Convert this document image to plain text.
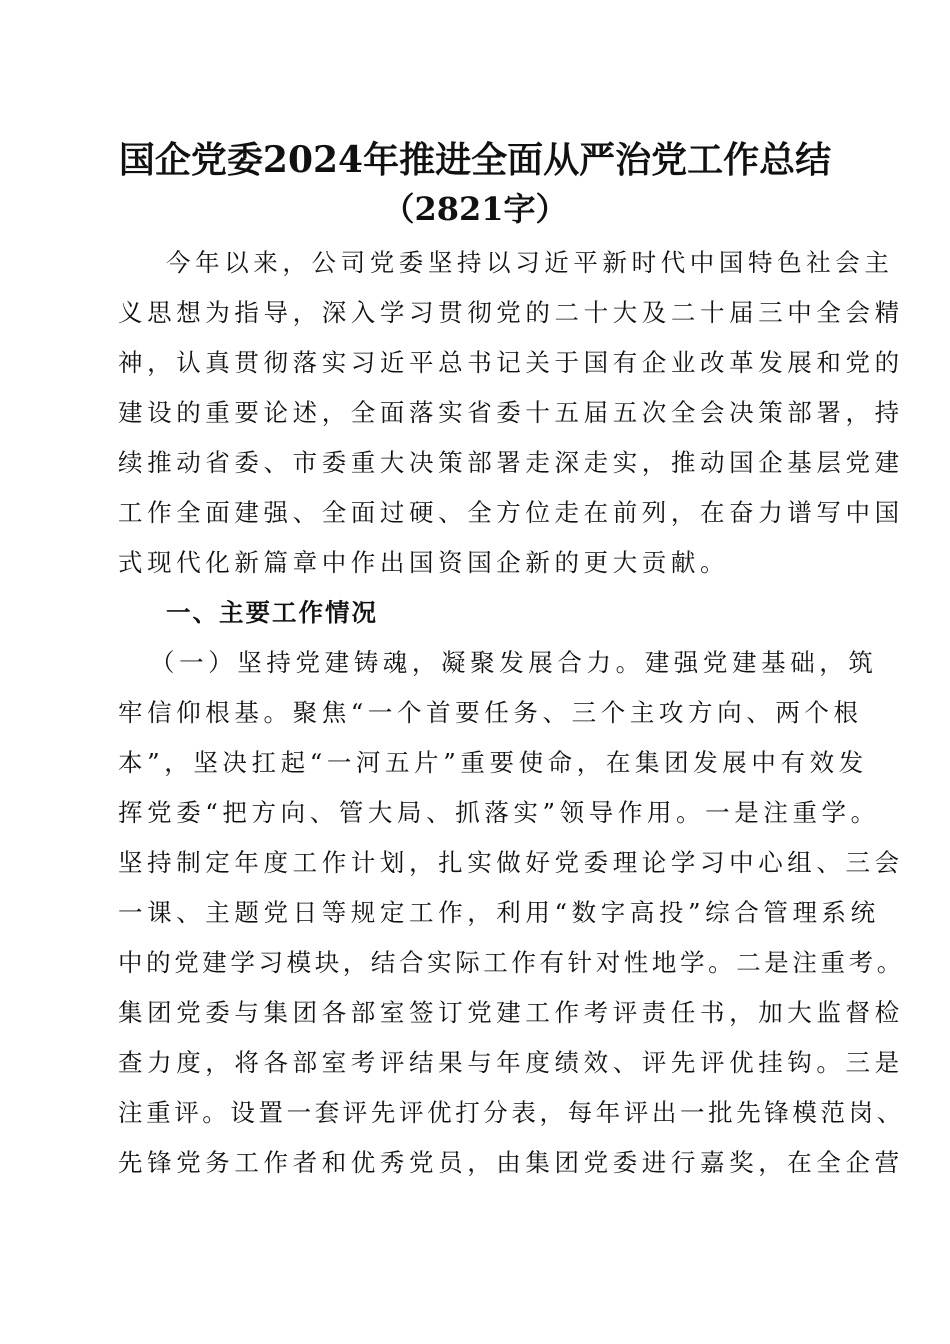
国企党委2024年推进全面从严治党工作总结
（2821字）
今年以来，公司党委坚持以习近平新时代中国特色社会主
义思想为指导，深入学习贯彻党的二十大及二十届三中全会精
神，认真贯彻落实习近平总书记关于国有企业改革发展和党的
建设的重要论述，全面落实省委十五届五次全会决策部署，持
续推动省委、市委重大决策部署走深走实，推动国企基层党建
工作全面建强、全面过硬、全方位走在前列，在奋力谱写中国
式现代化新篇章中作出国资国企新的更大贡献。
一、主要工作情况
（一）坚持党建铸魂，凝聚发展合力。建强党建基础，筑
牢信仰根基。聚焦“一个首要任务、三个主攻方向、两个根
本”，坚决扛起“一河五片”重要使命，在集团发展中有效发
挥党委“把方向、管大局、抓落实”领导作用。一是注重学。
坚持制定年度工作计划，扎实做好党委理论学习中心组、三会
一课、主题党日等规定工作，利用“数字高投”综合管理系统
中的党建学习模块，结合实际工作有针对性地学。二是注重考。
集团党委与集团各部室签订党建工作考评责任书，加大监督检
查力度，将各部室考评结果与年度绩效、评先评优挂钩。三是
注重评。设置一套评先评优打分表，每年评出一批先锋模范岗、
先锋党务工作者和优秀党员，由集团党委进行嘉奖，在全企营
